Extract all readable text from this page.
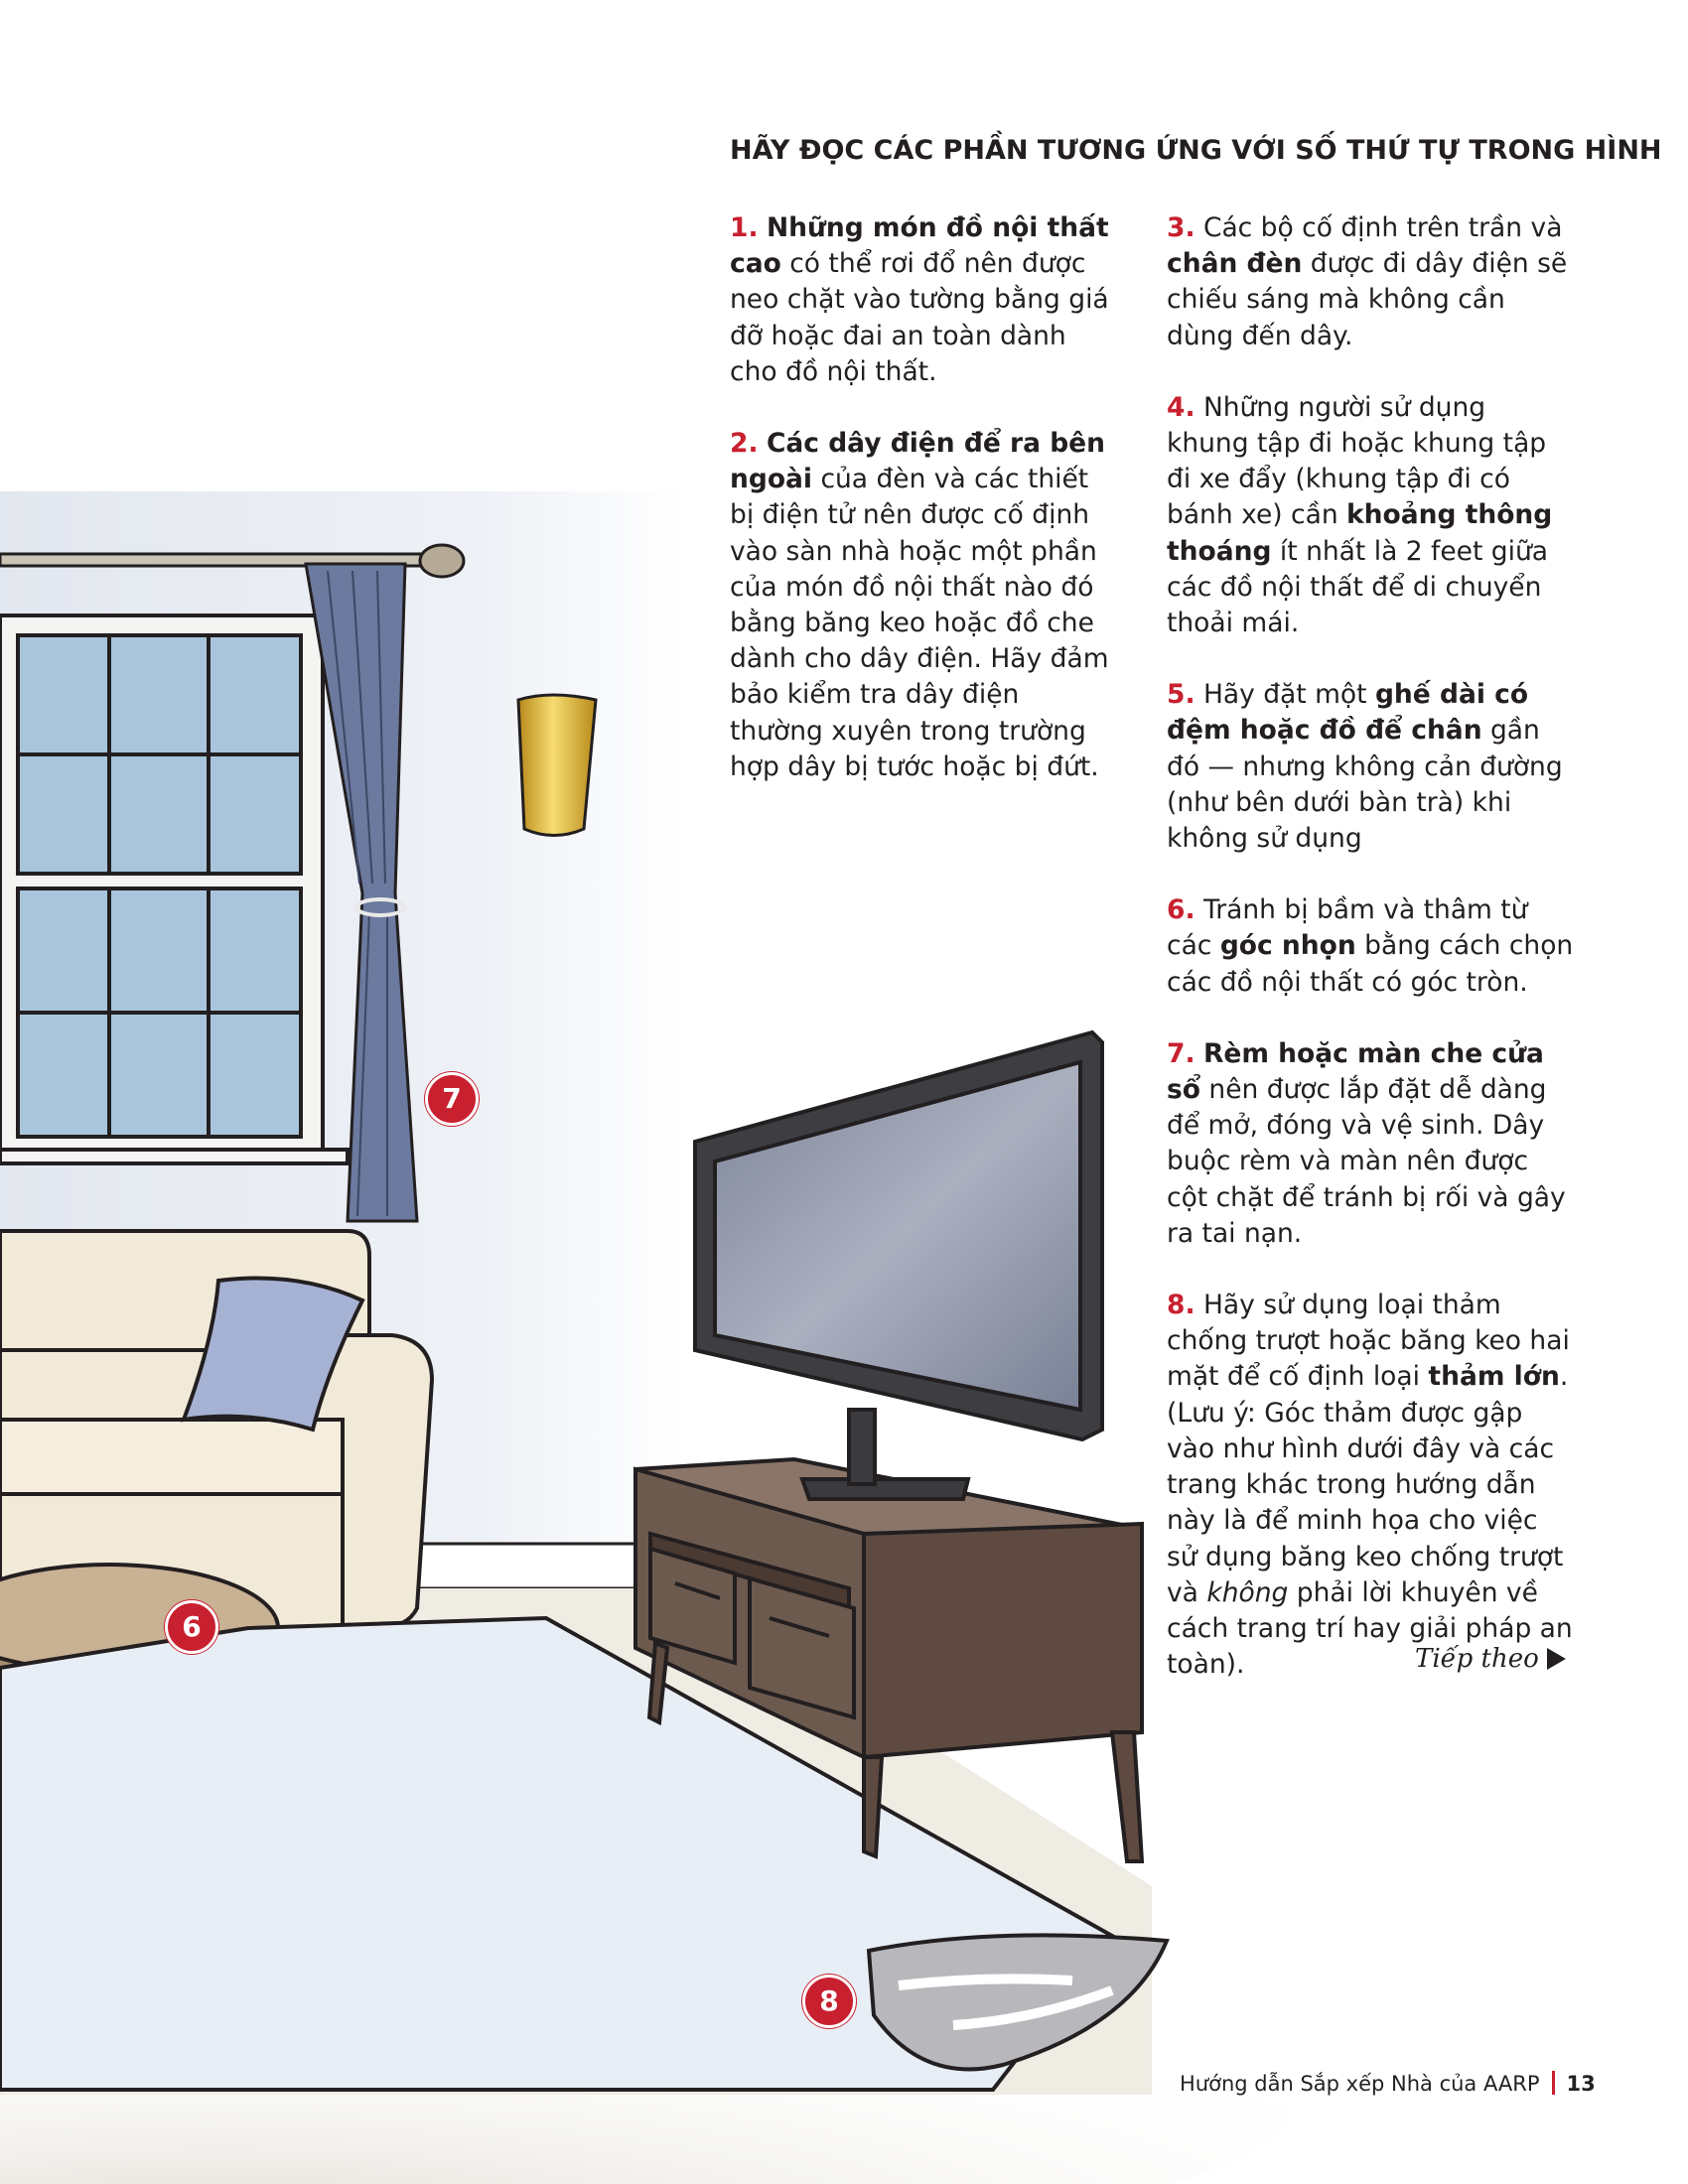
HÃY ĐỌC CÁC PHẦN TƯƠNG ỨNG VỚI SỐ THỨ TỰ TRONG HÌNH

1. Những món đồ nội thất cao có thể rơi đổ nên được neo chặt vào tường bằng giá đỡ hoặc đai an toàn dành cho đồ nội thất.

2. Các dây điện để ra bên ngoài của đèn và các thiết bị điện tử nên được cố định vào sàn nhà hoặc một phần của món đồ nội thất nào đó bằng băng keo hoặc đồ che dành cho dây điện. Hãy đảm bảo kiểm tra dây điện thường xuyên trong trường hợp dây bị tước hoặc bị đứt.

3. Các bộ cố định trên trần và chân đèn được đi dây điện sẽ chiếu sáng mà không cần dùng đến dây.

4. Những người sử dụng khung tập đi hoặc khung tập đi xe đẩy (khung tập đi có bánh xe) cần khoảng thông thoáng ít nhất là 2 feet giữa các đồ nội thất để di chuyển thoải mái.

5. Hãy đặt một ghế dài có đệm hoặc đồ để chân gần đó — nhưng không cản đường (như bên dưới bàn trà) khi không sử dụng

6. Tránh bị bầm và thâm từ các góc nhọn bằng cách chọn các đồ nội thất có góc tròn.

7. Rèm hoặc màn che cửa sổ nên được lắp đặt dễ dàng để mở, đóng và vệ sinh. Dây buộc rèm và màn nên được cột chặt để tránh bị rối và gây ra tai nạn.

8. Hãy sử dụng loại thảm chống trượt hoặc băng keo hai mặt để cố định loại thảm lớn. (Lưu ý: Góc thảm được gập vào như hình dưới đây và các trang khác trong hướng dẫn này là để minh họa cho việc sử dụng băng keo chống trượt và không phải lời khuyên về cách trang trí hay giải pháp an toàn).	Tiếp theo
Hướng dẫn Sắp xếp Nhà của AARP 13
7
6
8
